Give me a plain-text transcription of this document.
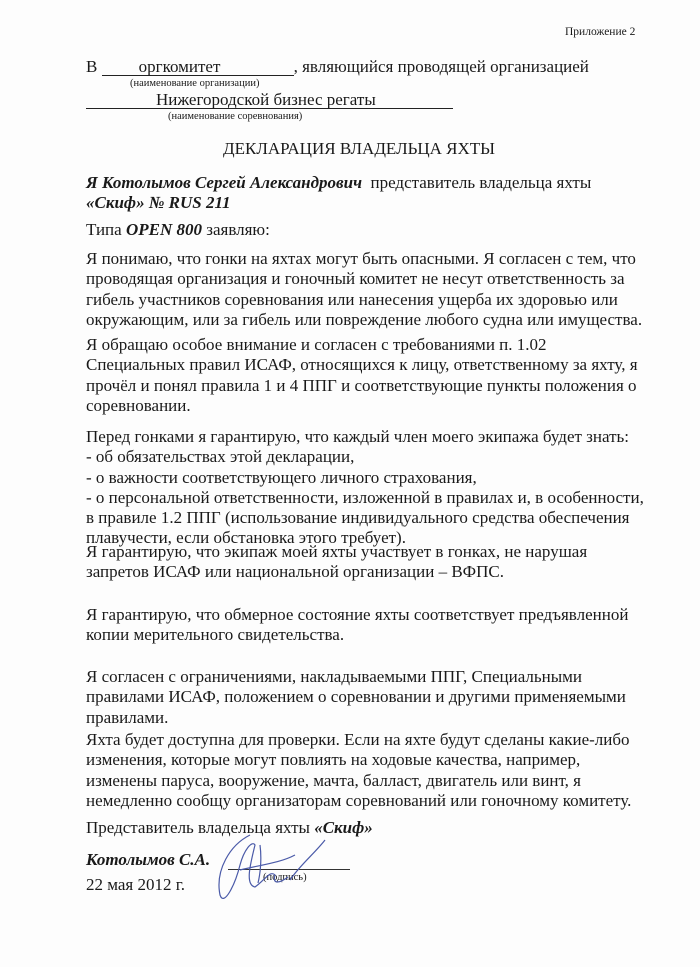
Приложение 2
В оргкомитет	, являющийся проводящей организацией
(наименование организации)
Нижегородской бизнес регаты
(наименование соревнования)
ДЕКЛАРАЦИЯ ВЛАДЕЛЬЦА ЯХТЫ
Я Котолымов Сергей Александрович представитель владельца яхты
«Скиф» № RUS 211
Типа OPEN 800 заявляю:
Я понимаю, что гонки на яхтах могут быть опасными. Я согласен с тем, что
проводящая организация и гоночный комитет не несут ответственность за
гибель участников соревнования или нанесения ущерба их здоровью или
окружающим, или за гибель или повреждение любого судна или имущества.
Я обращаю особое внимание и согласен с требованиями п. 1.02
Специальных правил ИСАФ, относящихся к лицу, ответственному за яхту, я
прочёл и понял правила 1 и 4 ППГ и соответствующие пункты положения о
соревновании.
Перед гонками я гарантирую, что каждый член моего экипажа будет знать:
- об обязательствах этой декларации,
- о важности соответствующего личного страхования,
- о персональной ответственности, изложенной в правилах и, в особенности,
в правиле 1.2 ППГ (использование индивидуального средства обеспечения
плавучести, если обстановка этого требует).
Я гарантирую, что экипаж моей яхты участвует в гонках, не нарушая
запретов ИСАФ или национальной организации – ВФПС.
Я гарантирую, что обмерное состояние яхты соответствует предъявленной
копии мерительного свидетельства.
Я согласен с ограничениями, накладываемыми ППГ, Специальными
правилами ИСАФ, положением о соревновании и другими применяемыми
правилами.
Яхта будет доступна для проверки. Если на яхте будут сделаны какие-либо
изменения, которые могут повлиять на ходовые качества, например,
изменены паруса, вооружение, мачта, балласт, двигатель или винт, я
немедленно сообщу организаторам соревнований или гоночному комитету.
Представитель владельца яхты «Скиф»
Котолымов С.А.
(подпись)
22 мая 2012 г.
